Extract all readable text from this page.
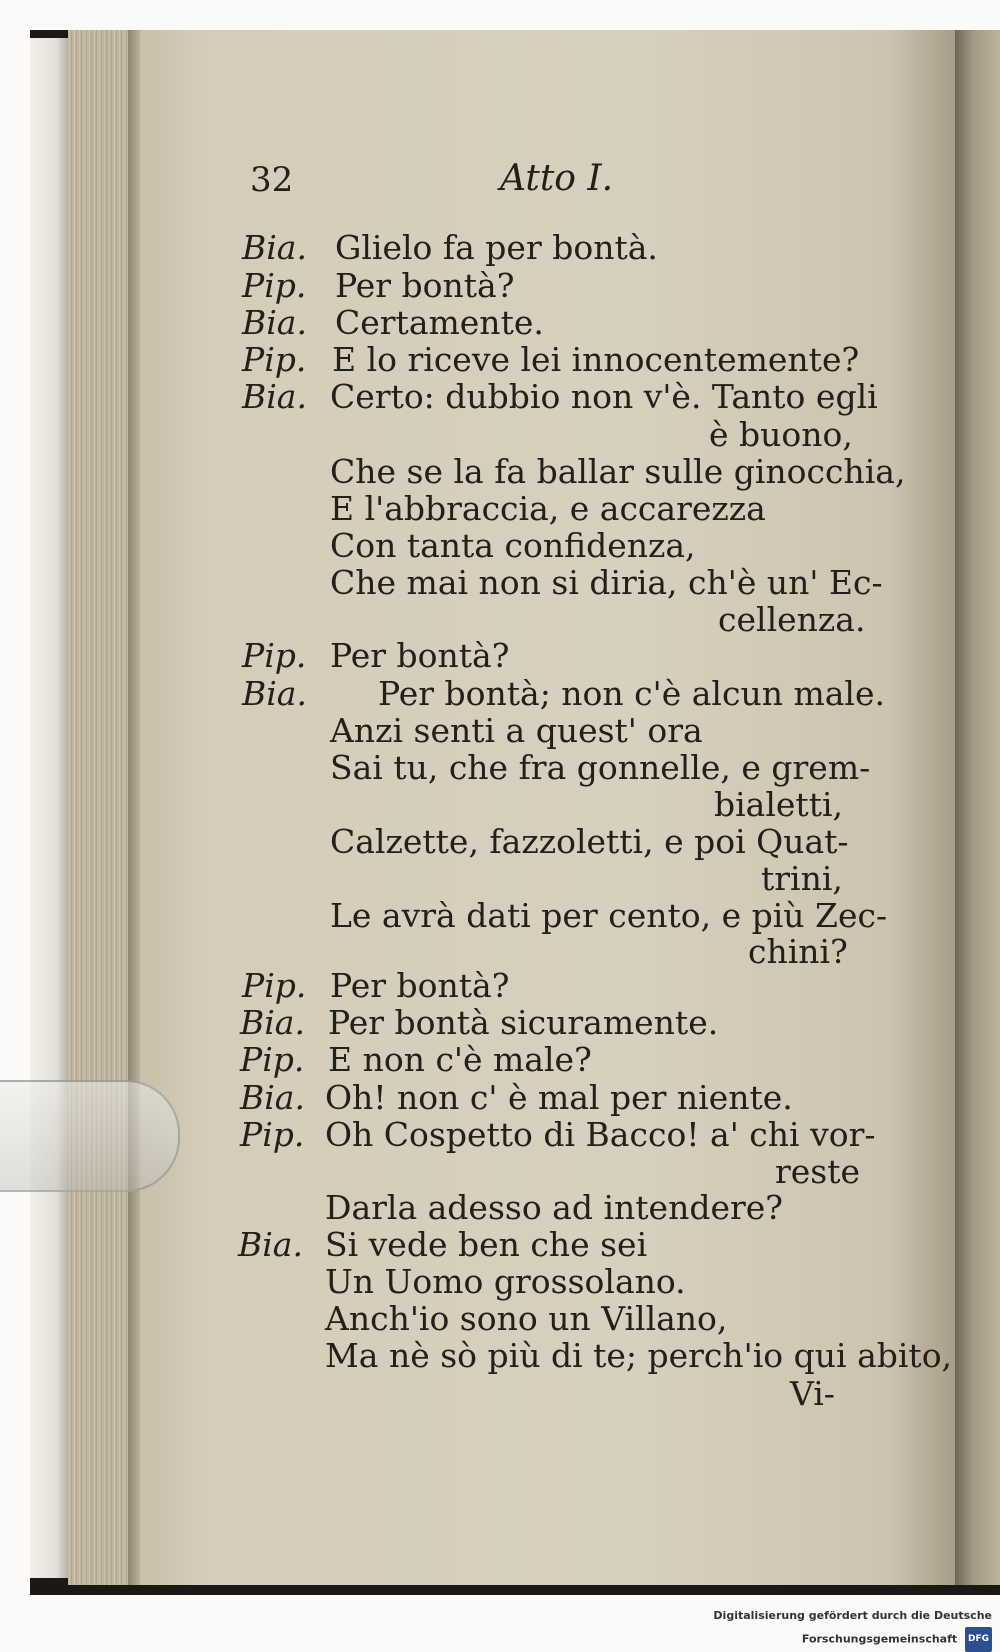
32	Atto I.
Bia. Glielo fa per bontà.
Pip. Per bontà?
Bia. Certamente.
Pip. E lo riceve lei innocentemente?
Bia. Certo: dubbio non v'è. Tanto egli
è buono,
Che se la fa ballar sulle ginocchia,
E l'abbraccia, e accarezza
Con tanta confidenza,
Che mai non si diria, ch'è un' Ec-
cellenza.
Pip. Per bontà?
Bia. Per bontà; non c'è alcun male.
Anzi senti a quest' ora
Sai tu, che fra gonnelle, e grem-
bialetti,
Calzette, fazzoletti, e poi Quat-
trini,
Le avrà dati per cento, e più Zec-
chini?
Pip. Per bontà?
Bia. Per bontà sicuramente.
Pip. E non c'è male?
Bia. Oh! non c' è mal per niente.
Pip. Oh Cospetto di Bacco! a' chi vor-
reste
Darla adesso ad intendere?
Bia. Si vede ben che sei
Un Uomo grossolano.
Anch'io sono un Villano,
Ma nè sò più di te; perch'io qui abito,
Vi-
Digitalisierung gefördert durch die Deutsche Forschungsgemeinschaft DFG
